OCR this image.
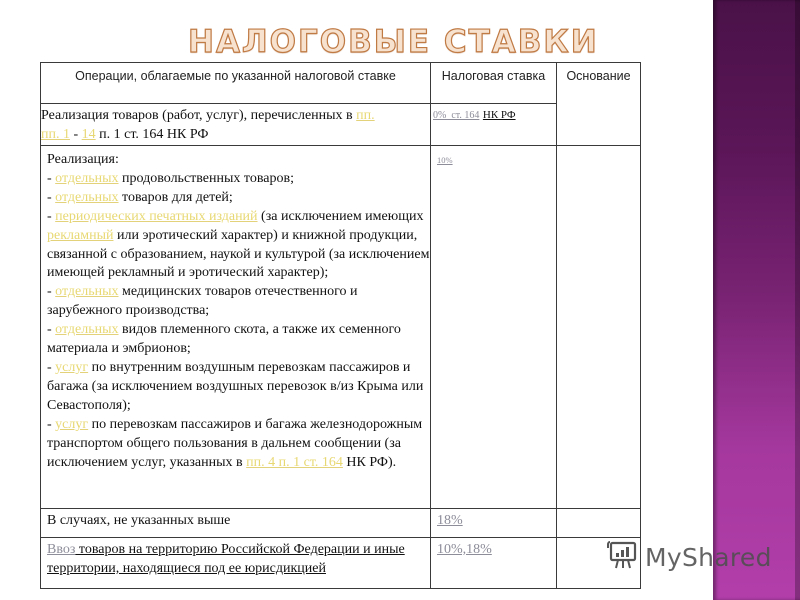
НАЛОГОВЫЕ СТАВКИ
Операции, облагаемые по указанной налоговой ставке	Налоговая ставка	Основание
Реализация товаров (работ, услуг), перечисленных в пп.
пп. 1 - 14 п. 1 ст. 164 НК РФ	0%_ст. 164 НК РФ	

Реализация:
- отдельных продовольственных товаров;
- отдельных товаров для детей;
- периодических печатных изданий (за исключением имеющих рекламный или эротический характер) и книжной продукции, связанной с образованием, наукой и культурой (за исключением имеющей рекламный и эротический характер);
- отдельных медицинских товаров отечественного и зарубежного производства;
- отдельных видов племенного скота, а также их семенного материала и эмбрионов;
- услуг по внутренним воздушным перевозкам пассажиров и багажа (за исключением воздушных перевозок в/из Крыма или Севастополя);
- услуг по перевозкам пассажиров и багажа железнодорожным транспортом общего пользования в дальнем сообщении (за исключением услуг, указанных в пп. 4 п. 1 ст. 164 НК РФ).
	10%	
В случаях, не указанных выше	18%	
Ввоз товаров на территорию Российской Федерации и иные территории, находящиеся под ее юрисдикцией	10%,18%		MyShared
